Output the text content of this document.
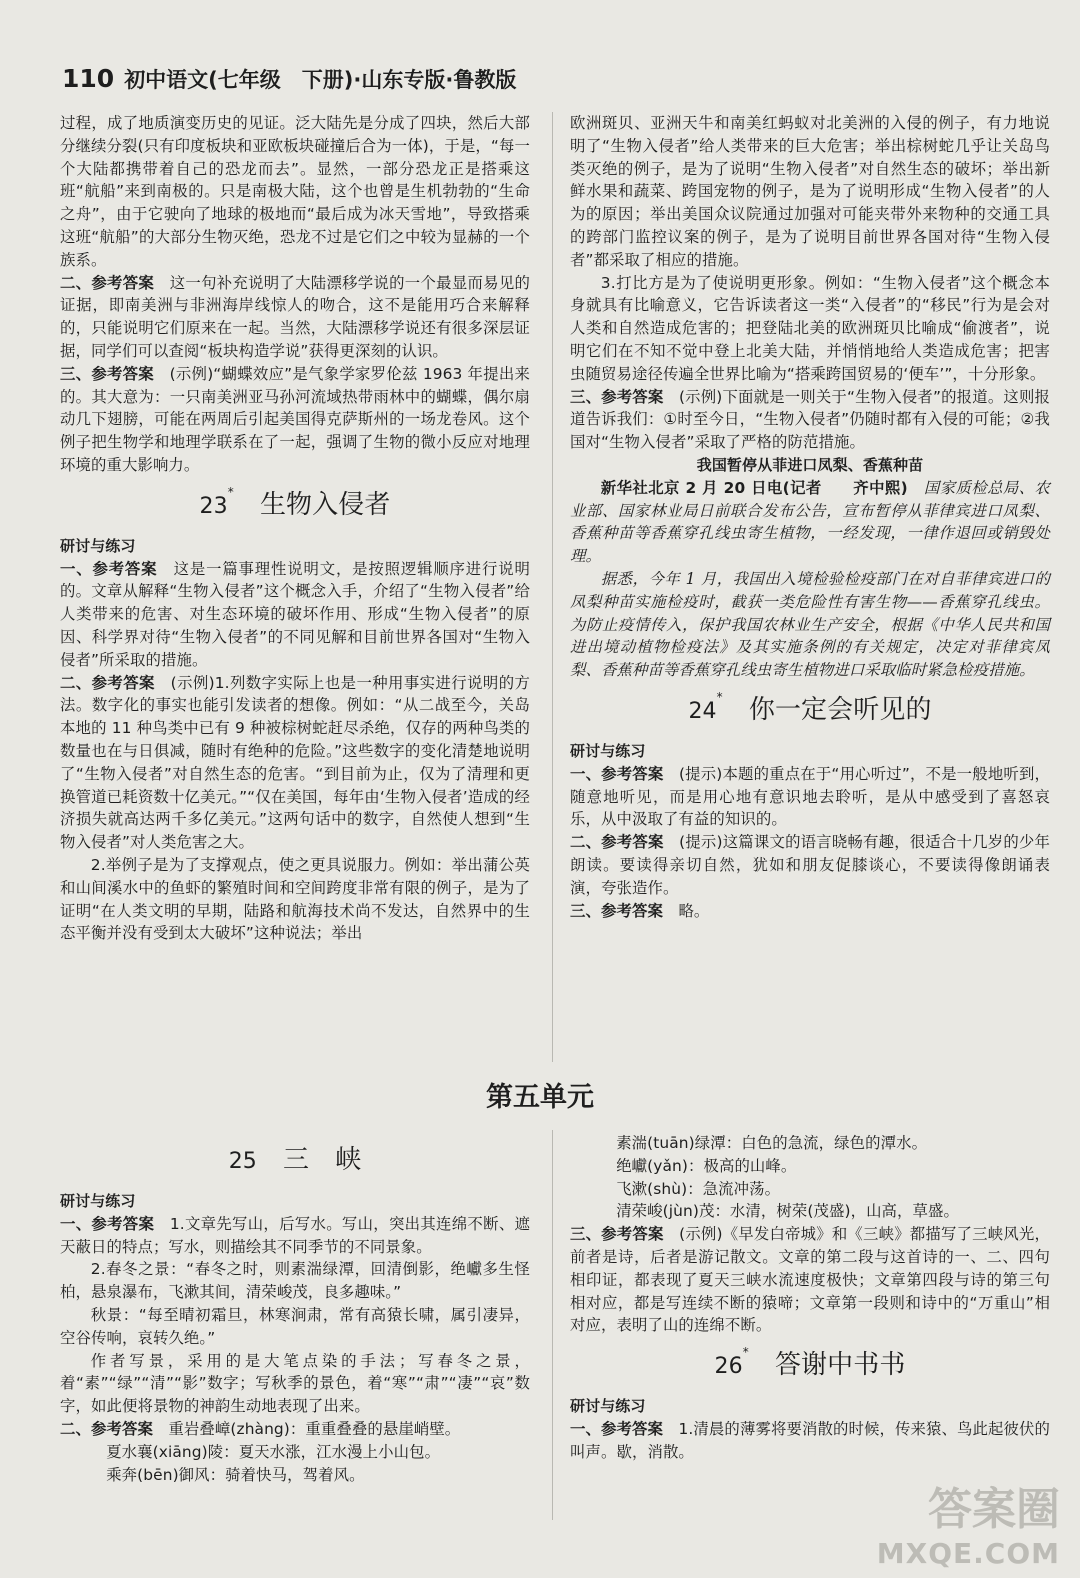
110 初中语文(七年级　下册)·山东专版·鲁教版

过程，成了地质演变历史的见证。泛大陆先是分成了四块，然后大部分继续分裂(只有印度板块和亚欧板块碰撞后合为一体)，于是，“每一个大陆都携带着自己的恐龙而去”。显然，一部分恐龙正是搭乘这班“航船”来到南极的。只是南极大陆，这个也曾是生机勃勃的“生命之舟”，由于它驶向了地球的极地而“最后成为冰天雪地”，导致搭乘这班“航船”的大部分生物灭绝，恐龙不过是它们之中较为显赫的一个族系。

二、参考答案　这一句补充说明了大陆漂移学说的一个最显而易见的证据，即南美洲与非洲海岸线惊人的吻合，这不是能用巧合来解释的，只能说明它们原来在一起。当然，大陆漂移学说还有很多深层证据，同学们可以查阅“板块构造学说”获得更深刻的认识。

三、参考答案　(示例)“蝴蝶效应”是气象学家罗伦兹 1963 年提出来的。其大意为：一只南美洲亚马孙河流域热带雨林中的蝴蝶，偶尔扇动几下翅膀，可能在两周后引起美国得克萨斯州的一场龙卷风。这个例子把生物学和地理学联系在了一起，强调了生物的微小反应对地理环境的重大影响力。

23*　 生物入侵者

研讨与练习

一、参考答案　这是一篇事理性说明文，是按照逻辑顺序进行说明的。文章从解释“生物入侵者”这个概念入手，介绍了“生物入侵者”给人类带来的危害、对生态环境的破坏作用、形成“生物入侵者”的原因、科学界对待“生物入侵者”的不同见解和目前世界各国对“生物入侵者”所采取的措施。

二、参考答案　(示例)1.列数字实际上也是一种用事实进行说明的方法。数字化的事实也能引发读者的想像。例如：“从二战至今，关岛本地的 11 种鸟类中已有 9 种被棕树蛇赶尽杀绝，仅存的两种鸟类的数量也在与日俱减，随时有绝种的危险。”这些数字的变化清楚地说明了“生物入侵者”对自然生态的危害。“到目前为止，仅为了清理和更换管道已耗资数十亿美元。”“仅在美国，每年由‘生物入侵者’造成的经济损失就高达两千多亿美元。”这两句话中的数字，自然使人想到“生物入侵者”对人类危害之大。

2.举例子是为了支撑观点，使之更具说服力。例如：举出蒲公英和山间溪水中的鱼虾的繁殖时间和空间跨度非常有限的例子，是为了证明“在人类文明的早期，陆路和航海技术尚不发达，自然界中的生态平衡并没有受到太大破坏”这种说法；举出

欧洲斑贝、亚洲天牛和南美红蚂蚁对北美洲的入侵的例子，有力地说明了“生物入侵者”给人类带来的巨大危害；举出棕树蛇几乎让关岛鸟类灭绝的例子，是为了说明“生物入侵者”对自然生态的破坏；举出新鲜水果和蔬菜、跨国宠物的例子，是为了说明形成“生物入侵者”的人为的原因；举出美国众议院通过加强对可能夹带外来物种的交通工具的跨部门监控议案的例子，是为了说明目前世界各国对待“生物入侵者”都采取了相应的措施。

3.打比方是为了使说明更形象。例如：“生物入侵者”这个概念本身就具有比喻意义，它告诉读者这一类“入侵者”的“移民”行为是会对人类和自然造成危害的；把登陆北美的欧洲斑贝比喻成“偷渡者”，说明它们在不知不觉中登上北美大陆，并悄悄地给人类造成危害；把害虫随贸易途径传遍全世界比喻为“搭乘跨国贸易的‘便车’”，十分形象。

三、参考答案　(示例)下面就是一则关于“生物入侵者”的报道。这则报道告诉我们：①时至今日，“生物入侵者”仍随时都有入侵的可能；②我国对“生物入侵者”采取了严格的防范措施。

我国暂停从菲进口凤梨、香蕉种苗

新华社北京 2 月 20 日电(记者　　齐中熙)　国家质检总局、农业部、国家林业局日前联合发布公告，宣布暂停从菲律宾进口凤梨、香蕉种苗等香蕉穿孔线虫寄生植物，一经发现，一律作退回或销毁处理。

据悉，今年 1 月，我国出入境检验检疫部门在对自菲律宾进口的凤梨种苗实施检疫时，截获一类危险性有害生物——香蕉穿孔线虫。为防止疫情传入，保护我国农林业生产安全，根据《中华人民共和国进出境动植物检疫法》及其实施条例的有关规定，决定对菲律宾凤梨、香蕉种苗等香蕉穿孔线虫寄生植物进口采取临时紧急检疫措施。

24*　 你一定会听见的

研讨与练习

一、参考答案　(提示)本题的重点在于“用心听过”，不是一般地听到，随意地听见，而是用心地有意识地去聆听，是从中感受到了喜怒哀乐，从中汲取了有益的知识的。

二、参考答案　(提示)这篇课文的语言晓畅有趣，很适合十几岁的少年朗读。要读得亲切自然，犹如和朋友促膝谈心，不要读得像朗诵表演，夸张造作。

三、参考答案　略。

第五单元
25　 三　峡

研讨与练习

一、参考答案　1.文章先写山，后写水。写山，突出其连绵不断、遮天蔽日的特点；写水，则描绘其不同季节的不同景象。

2.春冬之景：“春冬之时，则素湍绿潭，回清倒影，绝巘多生怪柏，悬泉瀑布，飞漱其间，清荣峻茂，良多趣味。”

秋景：“每至晴初霜旦，林寒涧肃，常有高猿长啸，属引凄异，空谷传响，哀转久绝。”

作者写景，采用的是大笔点染的手法；写春冬之景，着“素”“绿”“清”“影”数字；写秋季的景色，着“寒”“肃”“凄”“哀”数字，如此便将景物的神韵生动地表现了出来。

二、参考答案　重岩叠嶂(zhàng)：重重叠叠的悬崖峭壁。

夏水襄(xiāng)陵：夏天水涨，江水漫上小山包。

乘奔(bēn)御风：骑着快马，驾着风。

素湍(tuān)绿潭：白色的急流，绿色的潭水。

绝巘(yǎn)：极高的山峰。

飞漱(shù)：急流冲荡。

清荣峻(jùn)茂：水清，树荣(茂盛)，山高，草盛。

三、参考答案　(示例)《早发白帝城》和《三峡》都描写了三峡风光，前者是诗，后者是游记散文。文章的第二段与这首诗的一、二、四句相印证，都表现了夏天三峡水流速度极快；文章第四段与诗的第三句相对应，都是写连续不断的猿啼；文章第一段则和诗中的“万重山”相对应，表明了山的连绵不断。

26*　 答谢中书书

研讨与练习

一、参考答案　1.清晨的薄雾将要消散的时候，传来猿、鸟此起彼伏的叫声。歇，消散。

答案圈
MXQE.COM
